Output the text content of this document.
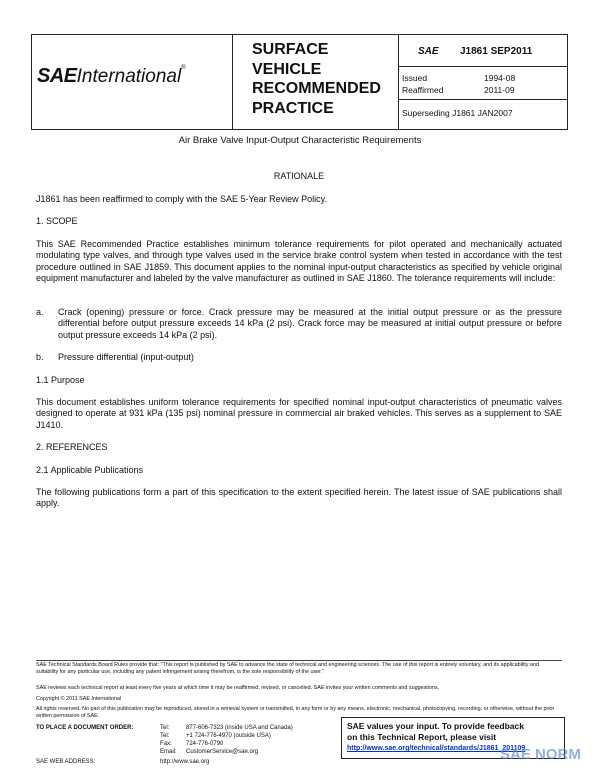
SAEInternational®
SURFACE
VEHICLE
RECOMMENDED
PRACTICE
SAE J1861 SEP2011
Issued	1994-08
Reaffirmed	2011-09
Superseding J1861 JAN2007
Air Brake Valve Input-Output Characteristic Requirements
RATIONALE
J1861 has been reaffirmed to comply with the SAE 5-Year Review Policy.
1. SCOPE
This SAE Recommended Practice establishes minimum tolerance requirements for pilot operated and mechanically actuated modulating type valves, and through type valves used in the service brake control system when tested in accordance with the test procedure outlined in SAE J1859. This document applies to the nominal input-output characteristics as specified by vehicle original equipment manufacturer and labeled by the valve manufacturer as outlined in SAE J1860. The tolerance requirements will include:
a. Crack (opening) pressure or force. Crack pressure may be measured at the initial output pressure or as the pressure differential before output pressure exceeds 14 kPa (2 psi). Crack force may be measured at initial output pressure or before output pressure exceeds 14 kPa (2 psi).
b. Pressure differential (input-output)
1.1 Purpose
This document establishes uniform tolerance requirements for specified nominal input-output characteristics of pneumatic valves designed to operate at 931 kPa (135 psi) nominal pressure in commercial air braked vehicles. This serves as a supplement to SAE J1410.
2. REFERENCES
2.1 Applicable Publications
The following publications form a part of this specification to the extent specified herein. The latest issue of SAE publications shall apply.
SAE Technical Standards Board Rules provide that: "This report is published by SAE to advance the state of technical and engineering sciences. The use of this report is entirely voluntary, and its applicability and suitability for any particular use, including any patent infringement arising therefrom, is the sole responsibility of the user."
SAE reviews each technical report at least every five years at which time it may be reaffirmed, revised, or cancelled. SAE invites your written comments and suggestions.
Copyright © 2011 SAE International
All rights reserved. No part of this publication may be reproduced, stored in a retrieval system or transmitted, in any form or by any means, electronic, mechanical, photocopying, recording, or otherwise, without the prior written permission of SAE.
TO PLACE A DOCUMENT ORDER:	Tel:	877-606-7323 (inside USA and Canada)
Tel:	+1 724-776-4970 (outside USA)
Fax: 724-776-0790
Email: CustomerService@sae.org
SAE WEB ADDRESS:	http://www.sae.org
SAE values your input. To provide feedback
on this Technical Report, please visit
http://www.sae.org/technical/standards/J1861_201109
SAE NORM
